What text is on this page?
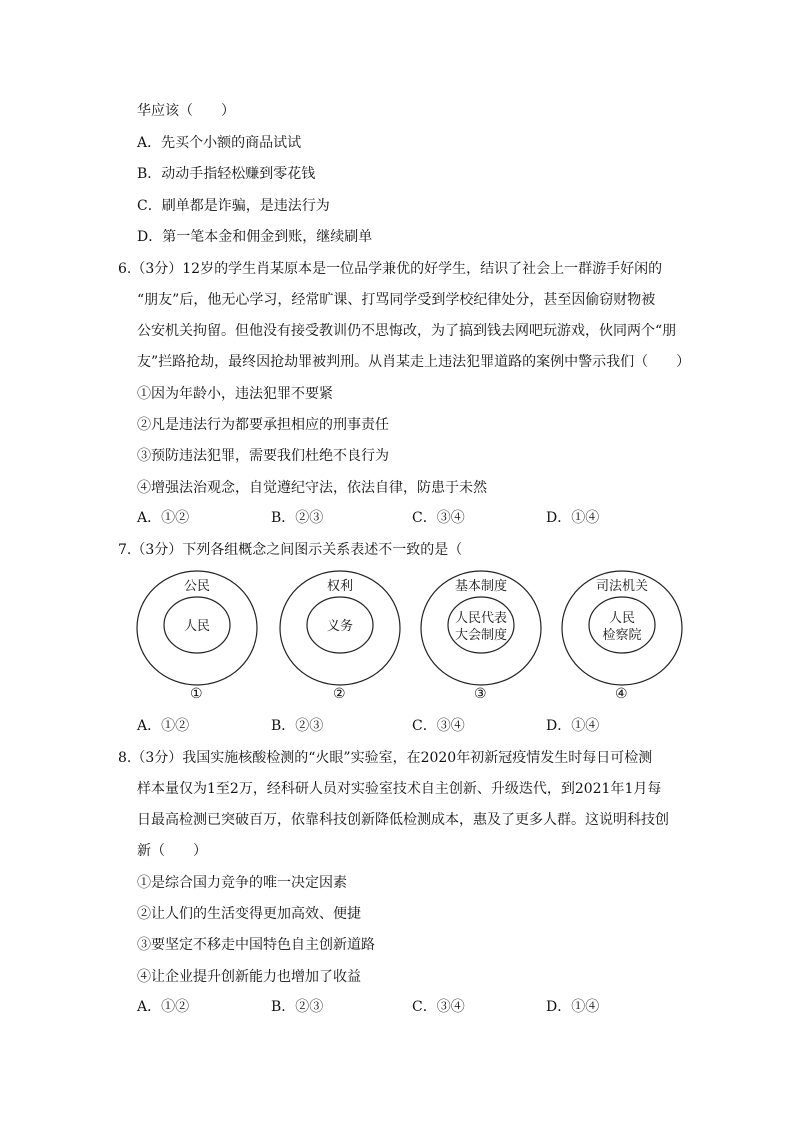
华应该（　　）
A．先买个小额的商品试试
B．动动手指轻松赚到零花钱
C．刷单都是诈骗，是违法行为
D．第一笔本金和佣金到账，继续刷单
6.（3分）12岁的学生肖某原本是一位品学兼优的好学生，结识了社会上一群游手好闲的
“朋友”后，他无心学习，经常旷课、打骂同学受到学校纪律处分，甚至因偷窃财物被
公安机关拘留。但他没有接受教训仍不思悔改，为了搞到钱去网吧玩游戏，伙同两个“朋
友”拦路抢劫，最终因抢劫罪被判刑。从肖某走上违法犯罪道路的案例中警示我们（　　）
①因为年龄小，违法犯罪不要紧
②凡是违法行为都要承担相应的刑事责任
③预防违法犯罪，需要我们杜绝不良行为
④增强法治观念，自觉遵纪守法，依法自律，防患于未然
A．①②	B．②③	C．③④	D．①④
7.（3分）下列各组概念之间图示关系表述不一致的是（
公民
人民
权利
义务
基本制度
人民代表
大会制度
司法机关
人民
检察院
①	②	③	④
A．①②	B．②③	C．③④	D．①④
8.（3分）我国实施核酸检测的“火眼”实验室，在2020年初新冠疫情发生时每日可检测
样本量仅为1至2万，经科研人员对实验室技术自主创新、升级迭代，到2021年1月每
日最高检测已突破百万，依靠科技创新降低检测成本，惠及了更多人群。这说明科技创
新（　　）
①是综合国力竞争的唯一决定因素
②让人们的生活变得更加高效、便捷
③要坚定不移走中国特色自主创新道路
④让企业提升创新能力也增加了收益
A．①②	B．②③	C．③④	D．①④
